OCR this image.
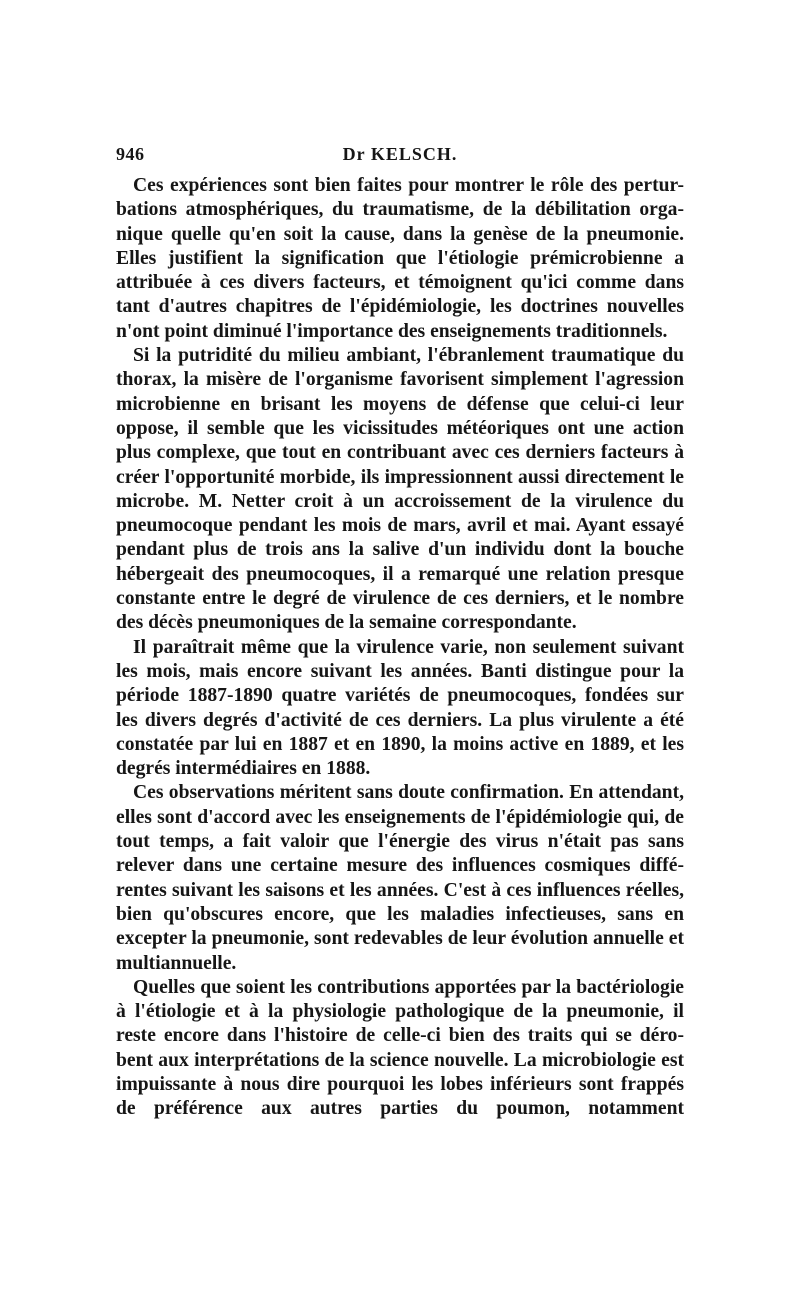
946	Dr KELSCH.

Ces expériences sont bien faites pour montrer le rôle des pertur-bations atmosphériques, du traumatisme, de la débilitation orga-nique quelle qu'en soit la cause, dans la genèse de la pneumonie. Elles justifient la signification que l'étiologie prémicrobienne a attribuée à ces divers facteurs, et témoignent qu'ici comme dans tant d'autres chapitres de l'épidémiologie, les doctrines nouvelles n'ont point diminué l'importance des enseignements traditionnels.

Si la putridité du milieu ambiant, l'ébranlement traumatique du thorax, la misère de l'organisme favorisent simplement l'agression microbienne en brisant les moyens de défense que celui-ci leur oppose, il semble que les vicissitudes météoriques ont une action plus complexe, que tout en contribuant avec ces derniers facteurs à créer l'opportunité morbide, ils impressionnent aussi directement le microbe. M. Netter croit à un accroissement de la virulence du pneumocoque pendant les mois de mars, avril et mai. Ayant essayé pendant plus de trois ans la salive d'un individu dont la bouche hébergeait des pneumocoques, il a remarqué une relation presque constante entre le degré de virulence de ces derniers, et le nombre des décès pneumoniques de la semaine correspondante.

Il paraîtrait même que la virulence varie, non seulement suivant les mois, mais encore suivant les années. Banti distingue pour la période 1887-1890 quatre variétés de pneumocoques, fondées sur les divers degrés d'activité de ces derniers. La plus virulente a été constatée par lui en 1887 et en 1890, la moins active en 1889, et les degrés intermédiaires en 1888.

Ces observations méritent sans doute confirmation. En attendant, elles sont d'accord avec les enseignements de l'épidémiologie qui, de tout temps, a fait valoir que l'énergie des virus n'était pas sans relever dans une certaine mesure des influences cosmiques diffé-rentes suivant les saisons et les années. C'est à ces influences réelles, bien qu'obscures encore, que les maladies infectieuses, sans en excepter la pneumonie, sont redevables de leur évolution annuelle et multiannuelle.

Quelles que soient les contributions apportées par la bactériologie à l'étiologie et à la physiologie pathologique de la pneumonie, il reste encore dans l'histoire de celle-ci bien des traits qui se déro-bent aux interprétations de la science nouvelle. La microbiologie est impuissante à nous dire pourquoi les lobes inférieurs sont frappés de préférence aux autres parties du poumon, notamment
